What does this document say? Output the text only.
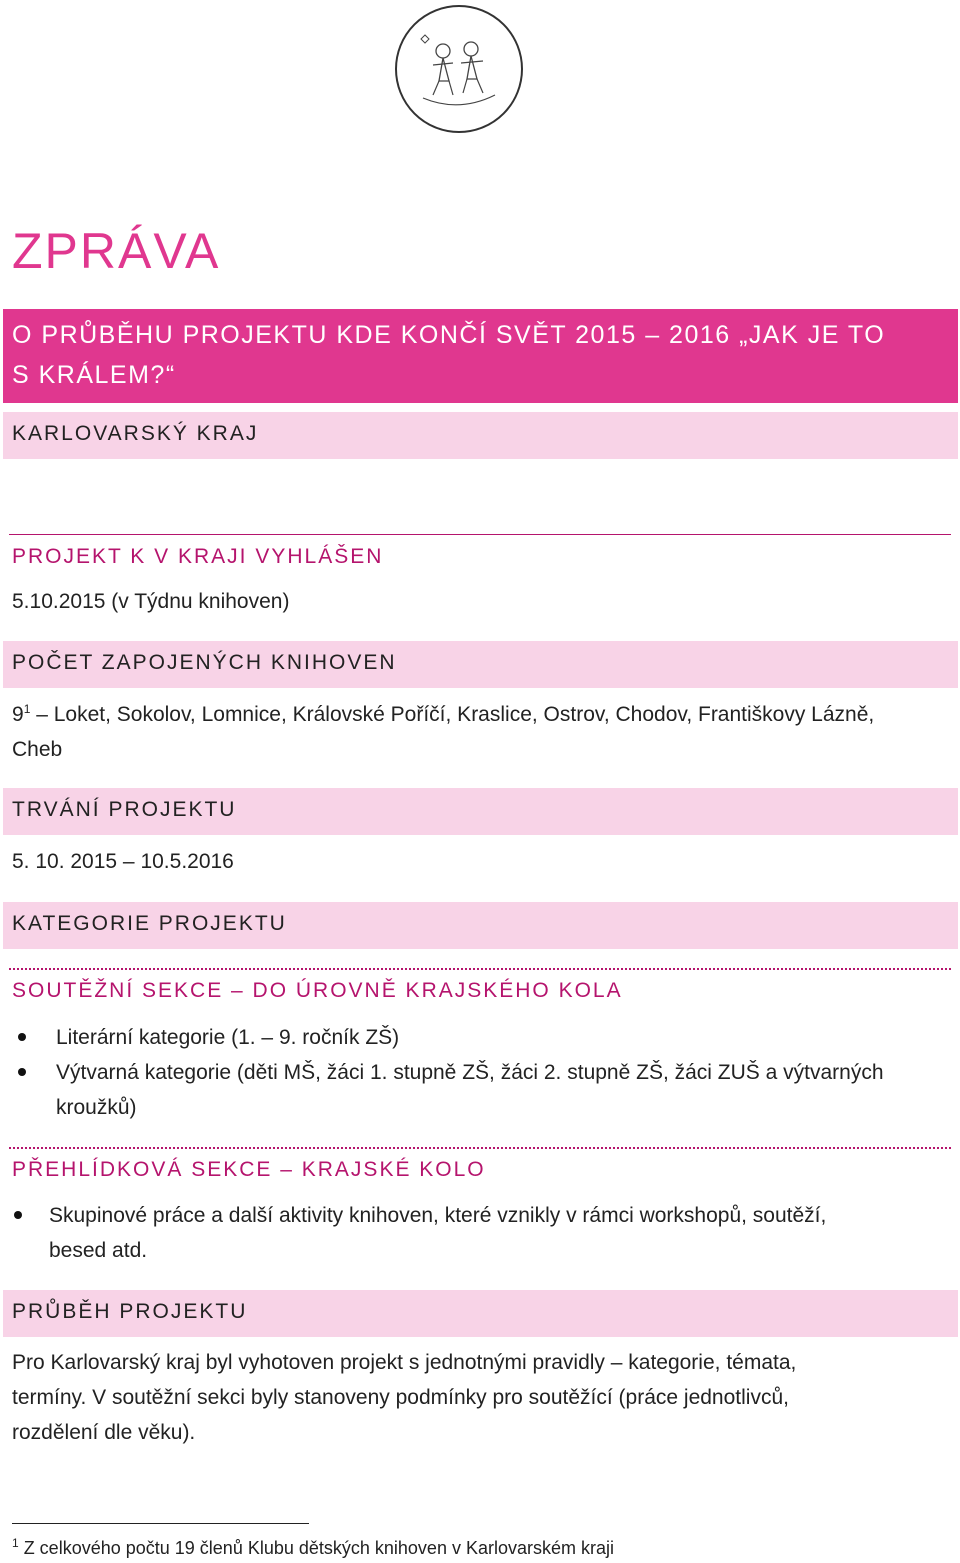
ZPRÁVA
O PRŮBĚHU PROJEKTU KDE KONČÍ SVĚT 2015 – 2016 „JAK JE TO
S KRÁLEM?“
KARLOVARSKÝ KRAJ
PROJEKT K V KRAJI VYHLÁŠEN
5.10.2015 (v Týdnu knihoven)
POČET ZAPOJENÝCH KNIHOVEN
$9^1$ – Loket, Sokolov, Lomnice, Královské Poříčí, Kraslice, Ostrov, Chodov, Františkovy Lázně,
Cheb
TRVÁNÍ PROJEKTU
5. 10. 2015 – 10.5.2016
KATEGORIE PROJEKTU
SOUTĚŽNÍ SEKCE – DO ÚROVNĚ KRAJSKÉHO KOLA
Literární kategorie (1. – 9. ročník ZŠ)
Výtvarná kategorie (děti MŠ, žáci 1. stupně ZŠ, žáci 2. stupně ZŠ, žáci ZUŠ a výtvarných
kroužků)
PŘEHLÍDKOVÁ SEKCE – KRAJSKÉ KOLO
Skupinové práce a další aktivity knihoven, které vznikly v rámci workshopů, soutěží,
besed atd.
PRŮBĚH PROJEKTU
Pro Karlovarský kraj byl vyhotoven projekt s jednotnými pravidly – kategorie, témata,
termíny. V soutěžní sekci byly stanoveny podmínky pro soutěžící (práce jednotlivců,
rozdělení dle věku).
$^1$ Z celkového počtu 19 členů Klubu dětských knihoven v Karlovarském kraji
